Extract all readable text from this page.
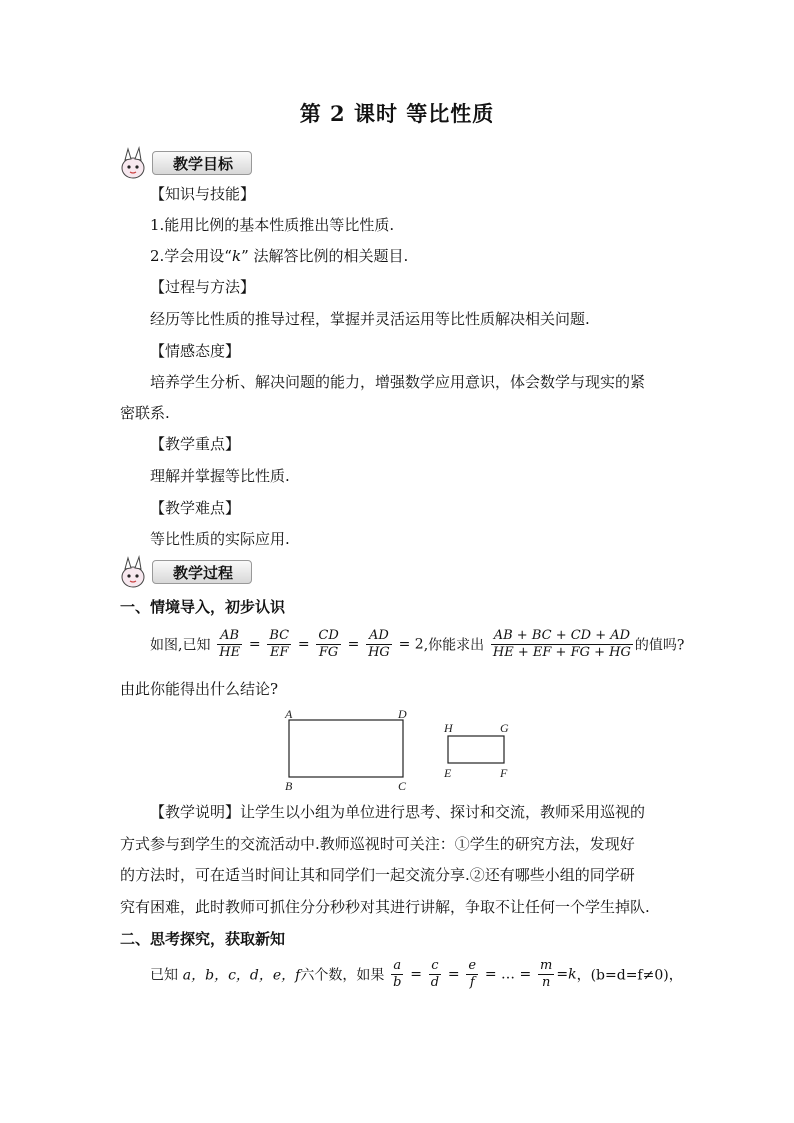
第 2 课时 等比性质
教学目标
【知识与技能】
1.能用比例的基本性质推出等比性质.
2.学会用设“k” 法解答比例的相关题目.
【过程与方法】
经历等比性质的推导过程，掌握并灵活运用等比性质解决相关问题.
【情感态度】
培养学生分析、解决问题的能力，增强数学应用意识，体会数学与现实的紧
密联系.
【教学重点】
理解并掌握等比性质.
【教学难点】
等比性质的实际应用.
教学过程
一、情境导入，初步认识
如图,已知 $\frac{AB}{HE} = \frac{BC}{EF} = \frac{CD}{FG} = \frac{AD}{HG} = 2$,你能求出 $\frac{AB + BC + CD + AD}{HE + EF + FG + HG}$ 的值吗?
由此你能得出什么结论?
A	D
B	C
H	G
E	F
【教学说明】让学生以小组为单位进行思考、探讨和交流，教师采用巡视的
方式参与到学生的交流活动中.教师巡视时可关注：①学生的研究方法，发现好
的方法时，可在适当时间让其和同学们一起交流分享.②还有哪些小组的同学研
究有困难，此时教师可抓住分分秒秒对其进行讲解，争取不让任何一个学生掉队.
二、思考探究，获取新知
已知 a，b，c，d，e，f六个数，如果 $\frac{a}{b} = \frac{c}{d} = \frac{e}{f}$ = … = $\frac{m}{n} =k$，(b=d=f≠0)，
